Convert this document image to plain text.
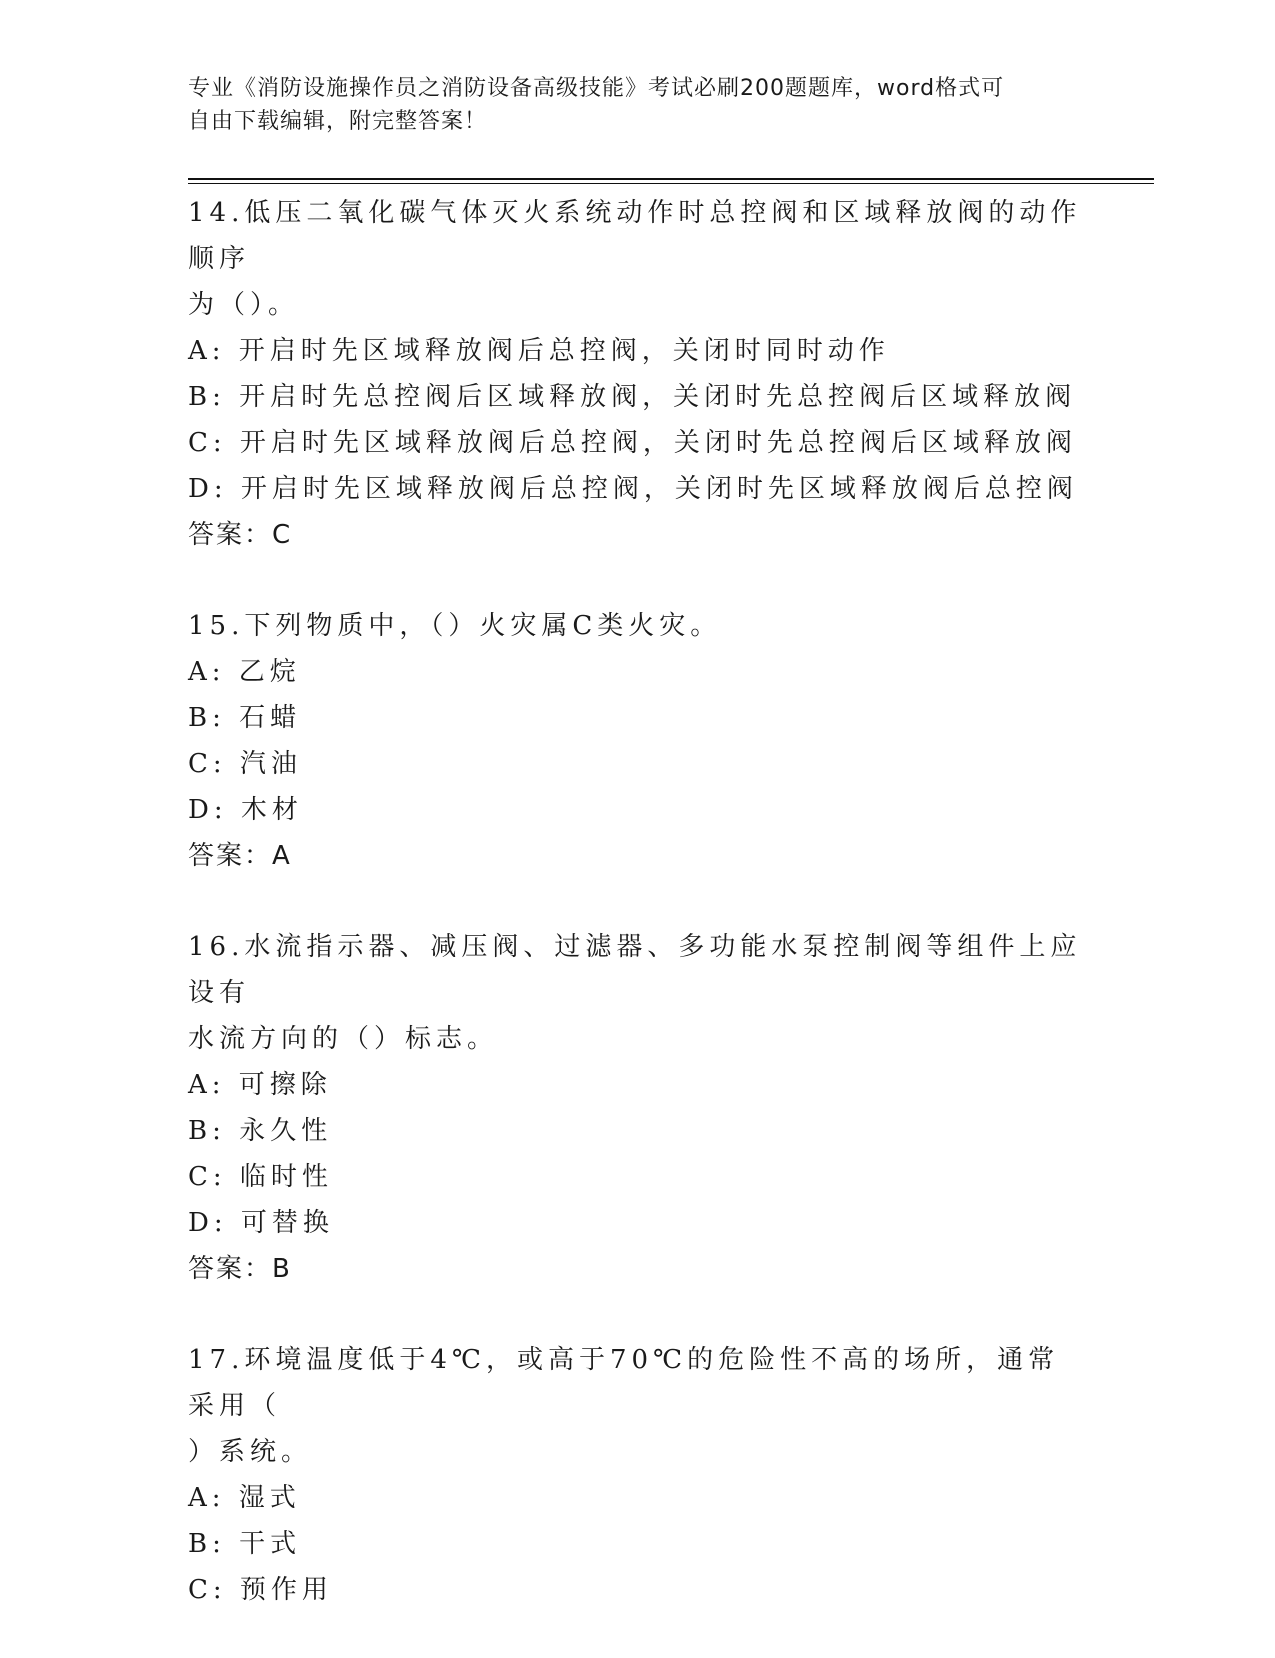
专业《消防设施操作员之消防设备高级技能》考试必刷200题题库，word格式可
自由下载编辑，附完整答案！
14.低压二氧化碳气体灭火系统动作时总控阀和区域释放阀的动作顺序
为（）。
A: 开启时先区域释放阀后总控阀，关闭时同时动作
B: 开启时先总控阀后区域释放阀，关闭时先总控阀后区域释放阀
C: 开启时先区域释放阀后总控阀，关闭时先总控阀后区域释放阀
D: 开启时先区域释放阀后总控阀，关闭时先区域释放阀后总控阀
答案：C
15.下列物质中，（）火灾属C类火灾。
A: 乙烷
B: 石蜡
C: 汽油
D: 木材
答案：A
16.水流指示器、减压阀、过滤器、多功能水泵控制阀等组件上应设有
水流方向的（）标志。
A: 可擦除
B: 永久性
C: 临时性
D: 可替换
答案：B
17.环境温度低于4℃，或高于70℃的危险性不高的场所，通常采用（
）系统。
A: 湿式
B: 干式
C: 预作用
